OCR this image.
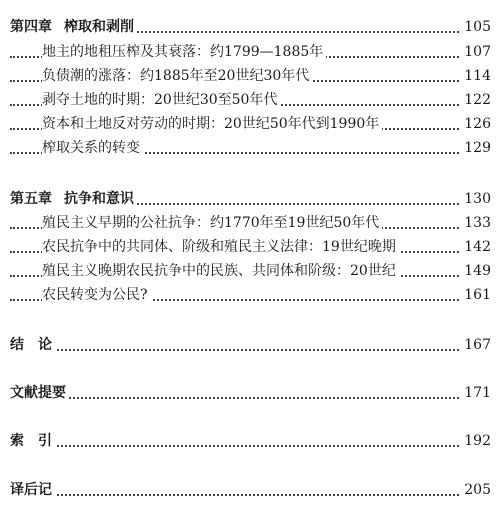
第四章 榨取和剥削	105
地主的地租压榨及其衰落：约1799—1885年	107
负债潮的涨落：约1885年至20世纪30年代	114
剥夺土地的时期：20世纪30至50年代	122
资本和土地反对劳动的时期：20世纪50年代到1990年	126
榨取关系的转变	129
第五章 抗争和意识	130
殖民主义早期的公社抗争：约1770年至19世纪50年代	133
农民抗争中的共同体、阶级和殖民主义法律：19世纪晚期	142
殖民主义晚期农民抗争中的民族、共同体和阶级：20世纪	149
农民转变为公民?	161
结　论	167
文献提要	171
索　引	192
译后记	205
